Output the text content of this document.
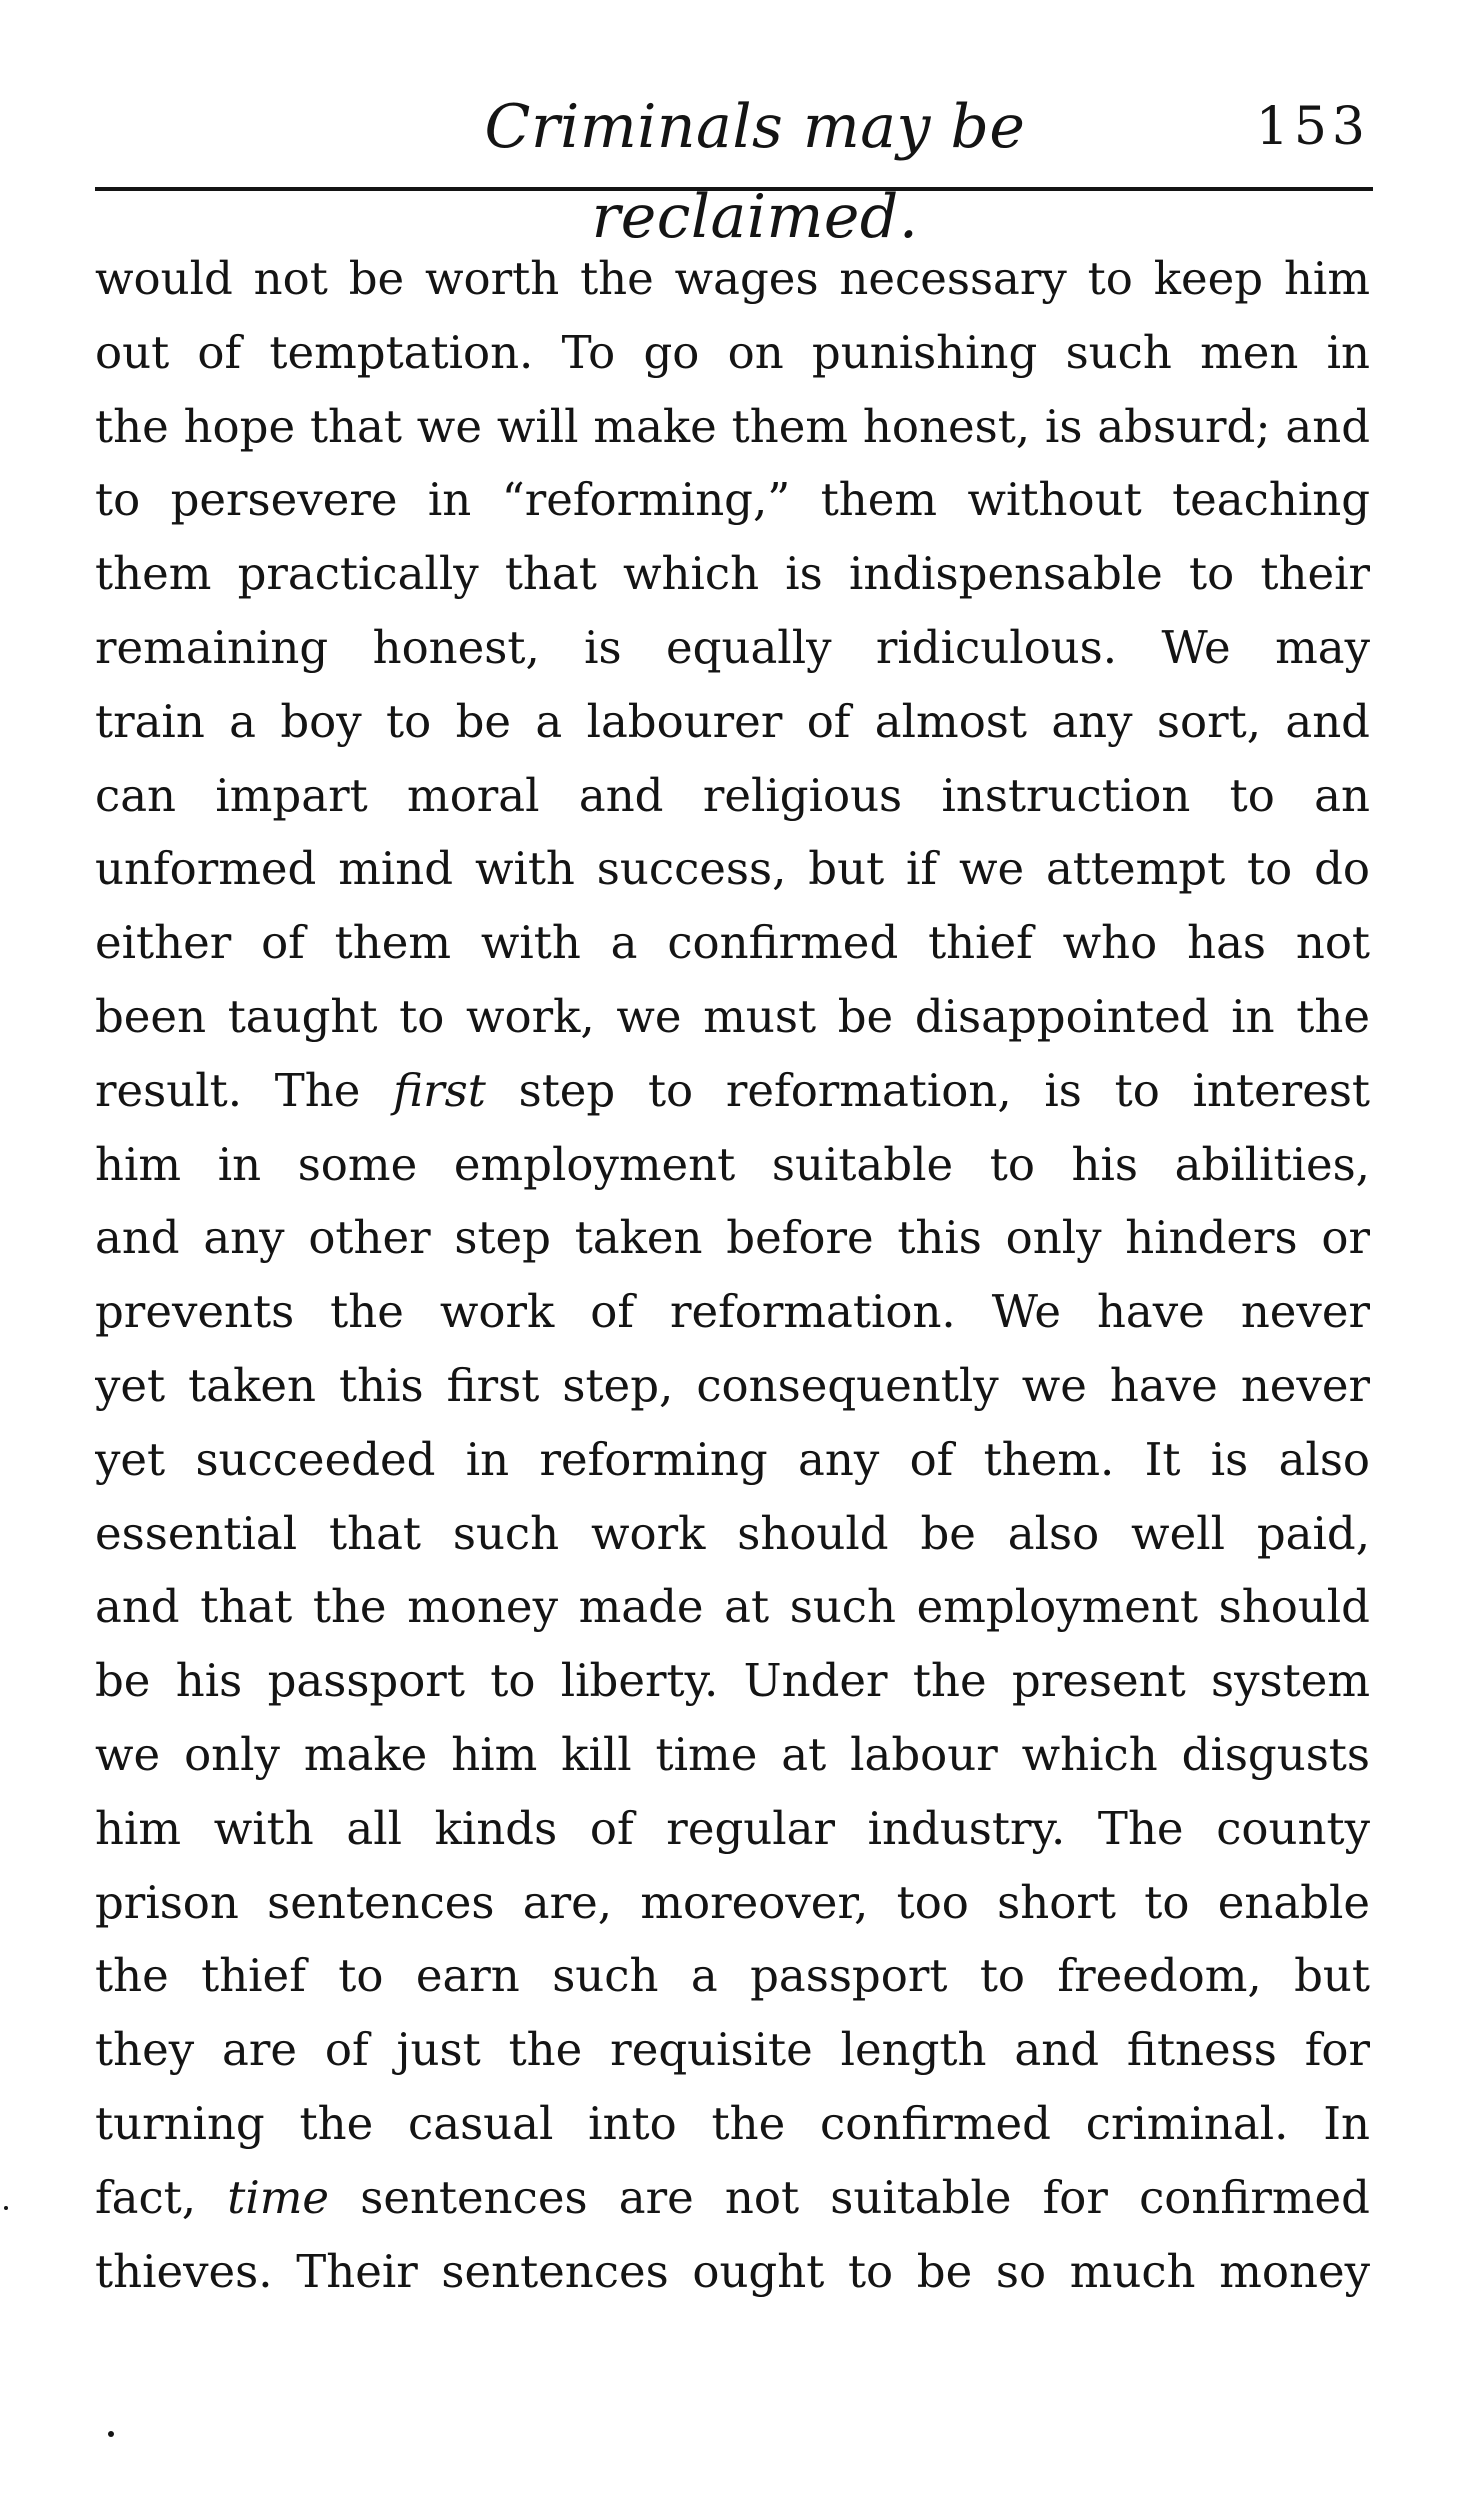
Criminals may be reclaimed.
153
would not be worth the wages necessary to keep him
out of temptation. To go on punishing such men in
the hope that we will make them honest, is absurd; and
to persevere in “reforming,” them without teaching
them practically that which is indispensable to their
remaining honest, is equally ridiculous. We may
train a boy to be a labourer of almost any sort, and
can impart moral and religious instruction to an
unformed mind with success, but if we attempt to do
either of them with a confirmed thief who has not
been taught to work, we must be disappointed in the
result. The first step to reformation, is to interest
him in some employment suitable to his abilities,
and any other step taken before this only hinders or
prevents the work of reformation. We have never
yet taken this first step, consequently we have never
yet succeeded in reforming any of them. It is also
essential that such work should be also well paid,
and that the money made at such employment should
be his passport to liberty. Under the present system
we only make him kill time at labour which disgusts
him with all kinds of regular industry. The county
prison sentences are, moreover, too short to enable
the thief to earn such a passport to freedom, but
they are of just the requisite length and fitness for
turning the casual into the confirmed criminal. In
fact, time sentences are not suitable for confirmed
thieves. Their sentences ought to be so much money
